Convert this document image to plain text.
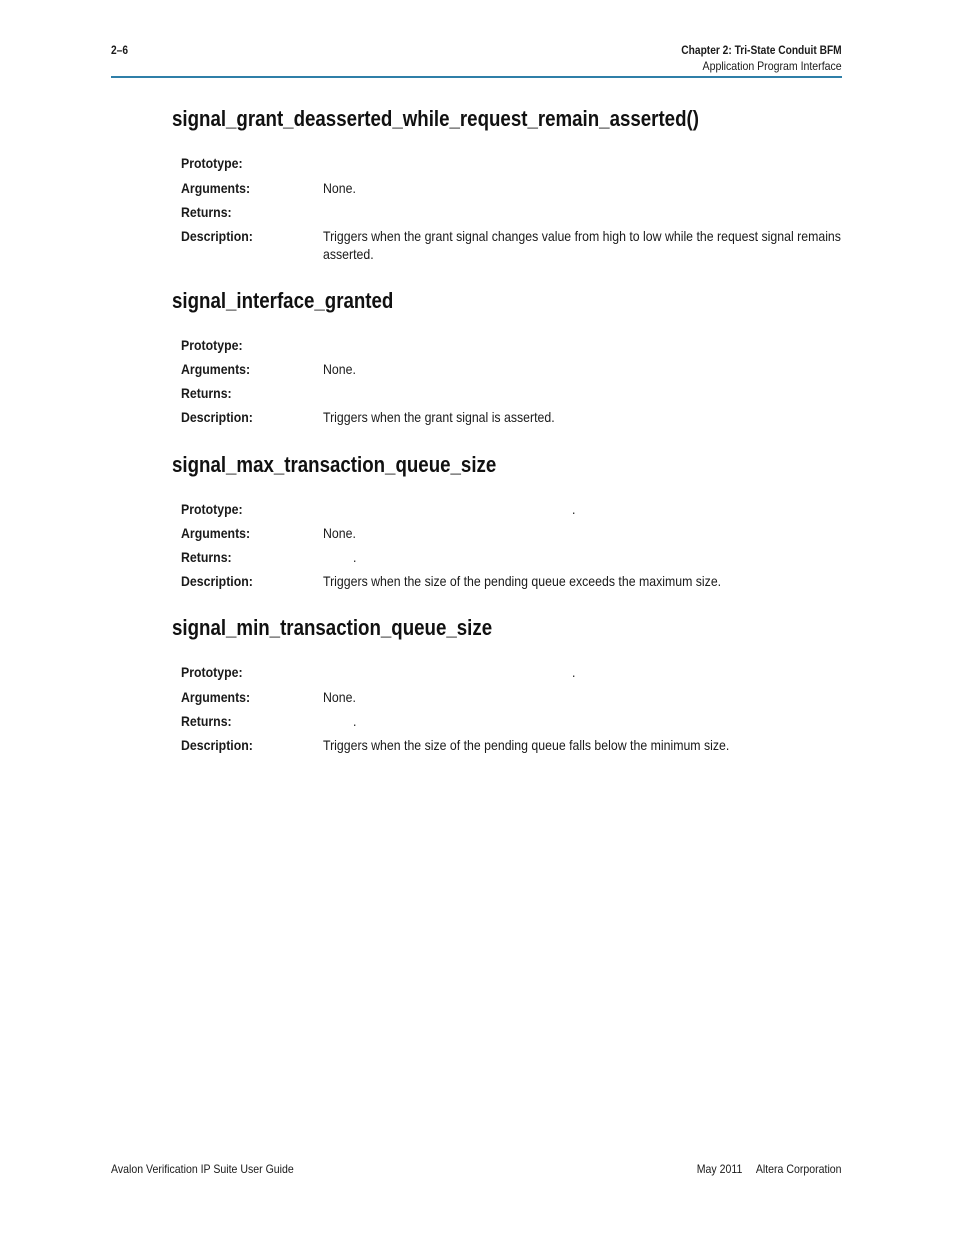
2–6	Chapter 2: Tri-State Conduit BFM
Application Program Interface
signal_grant_deasserted_while_request_remain_asserted()
Prototype:
Arguments:	None.
Returns:
Description:	Triggers when the grant signal changes value from high to low while the request signal remains asserted.
signal_interface_granted
Prototype:
Arguments:	None.
Returns:
Description:	Triggers when the grant signal is asserted.
signal_max_transaction_queue_size
Prototype:	.
Arguments:	None.
Returns:	.
Description:	Triggers when the size of the pending queue exceeds the maximum size.
signal_min_transaction_queue_size
Prototype:	.
Arguments:	None.
Returns:	.
Description:	Triggers when the size of the pending queue falls below the minimum size.
Avalon Verification IP Suite User Guide	May 2011 Altera Corporation
